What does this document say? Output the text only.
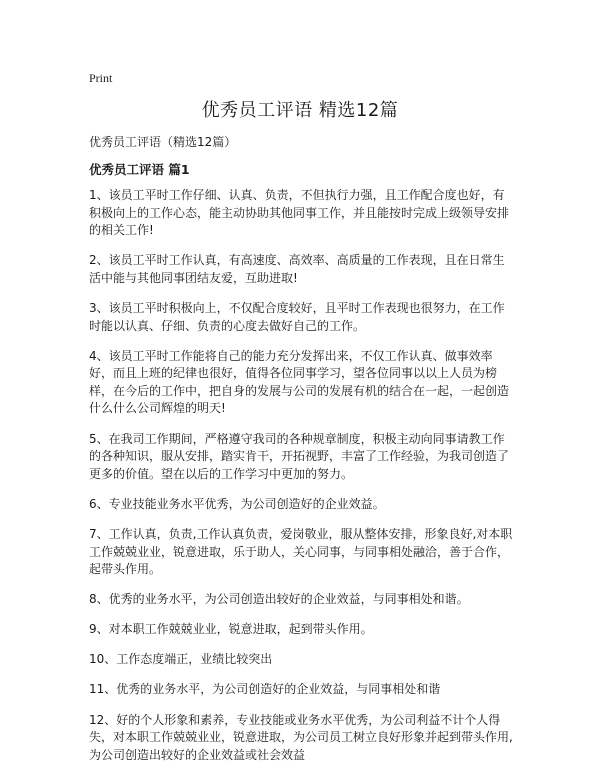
Print
优秀员工评语 精选12篇
优秀员工评语（精选12篇）
优秀员工评语 篇1

1、该员工平时工作仔细、认真、负责，不但执行力强，且工作配合度也好，有积极向上的工作心态，能主动协助其他同事工作，并且能按时完成上级领导安排的相关工作!

2、该员工平时工作认真，有高速度、高效率、高质量的工作表现，且在日常生活中能与其他同事团结友爱，互助进取!

3、该员工平时积极向上，不仅配合度较好，且平时工作表现也很努力，在工作时能以认真、仔细、负责的心度去做好自己的工作。

4、该员工平时工作能将自己的能力充分发挥出来，不仅工作认真、做事效率好，而且上班的纪律也很好，值得各位同事学习，望各位同事以以上人员为榜样，在今后的工作中，把自身的发展与公司的发展有机的结合在一起，一起创造什么什么公司辉煌的明天!

5、在我司工作期间，严格遵守我司的各种规章制度，积极主动向同事请教工作的各种知识，服从安排，踏实肯干，开拓视野，丰富了工作经验，为我司创造了更多的价值。望在以后的工作学习中更加的努力。

6、专业技能业务水平优秀，为公司创造好的企业效益。

7、工作认真，负责,工作认真负责，爱岗敬业，服从整体安排，形象良好,对本职工作兢兢业业，锐意进取，乐于助人，关心同事，与同事相处融洽，善于合作，起带头作用。

8、优秀的业务水平，为公司创造出较好的企业效益，与同事相处和谐。

9、对本职工作兢兢业业，锐意进取，起到带头作用。

10、工作态度端正，业绩比较突出

11、优秀的业务水平，为公司创造好的企业效益，与同事相处和谐

12、好的个人形象和素养，专业技能或业务水平优秀，为公司利益不计个人得失，对本职工作兢兢业业，锐意进取，为公司员工树立良好形象并起到带头作用,为公司创造出较好的企业效益或社会效益
